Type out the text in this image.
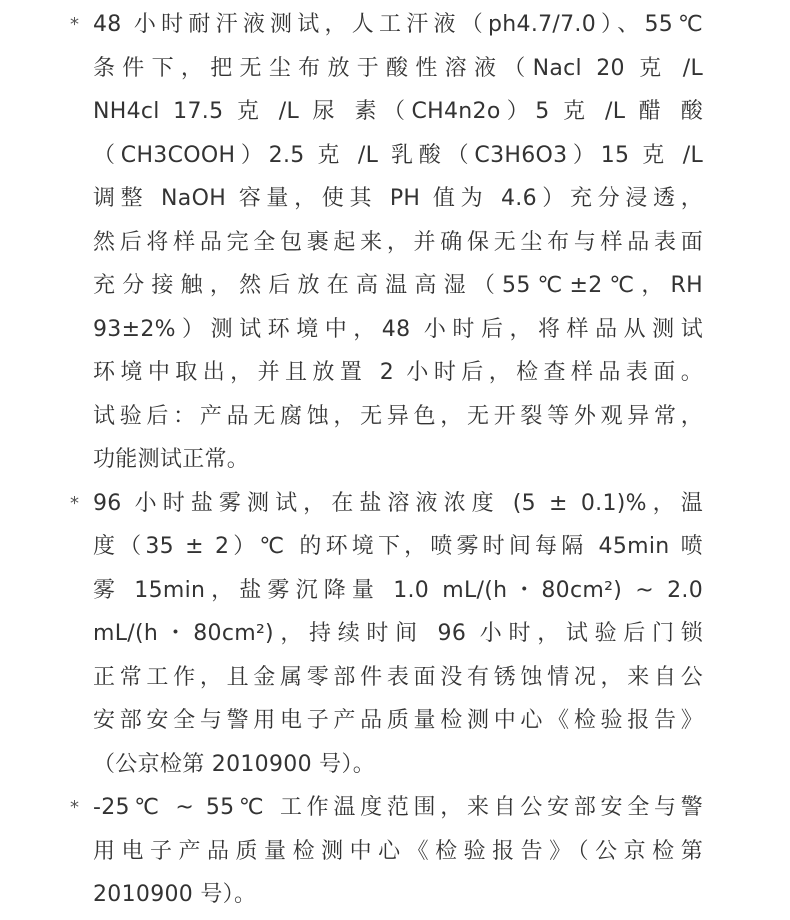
* 48 小时耐汗液测试，人工汗液（ph4.7/7.0）、55℃
条件下，把无尘布放于酸性溶液（Nacl 20 克 /L
NH4cl 17.5 克 /L 尿 素（CH4n2o）5 克 /L 醋 酸
（CH3COOH）2.5 克 /L 乳酸（C3H6O3）15 克 /L
调整 NaOH 容量，使其 PH 值为 4.6）充分浸透，
然后将样品完全包裹起来，并确保无尘布与样品表面
充分接触，然后放在高温高湿（55℃±2℃，RH
93±2%）测试环境中，48 小时后，将样品从测试
环境中取出，并且放置 2 小时后，检查样品表面。
试验后：产品无腐蚀，无异色，无开裂等外观异常，
功能测试正常。
* 96 小时盐雾测试，在盐溶液浓度 (5 ± 0.1)%，温
度（35 ± 2）℃ 的环境下，喷雾时间每隔 45min 喷
雾 15min，盐雾沉降量 1.0 mL/(h・80cm²) ~ 2.0
mL/(h・80cm²)，持续时间 96 小时，试验后门锁
正常工作，且金属零部件表面没有锈蚀情况，来自公
安部安全与警用电子产品质量检测中心《检验报告》
（公京检第 2010900 号）。
* -25℃ ~ 55℃ 工作温度范围，来自公安部安全与警
用电子产品质量检测中心《检验报告》（公京检第
2010900 号）。
